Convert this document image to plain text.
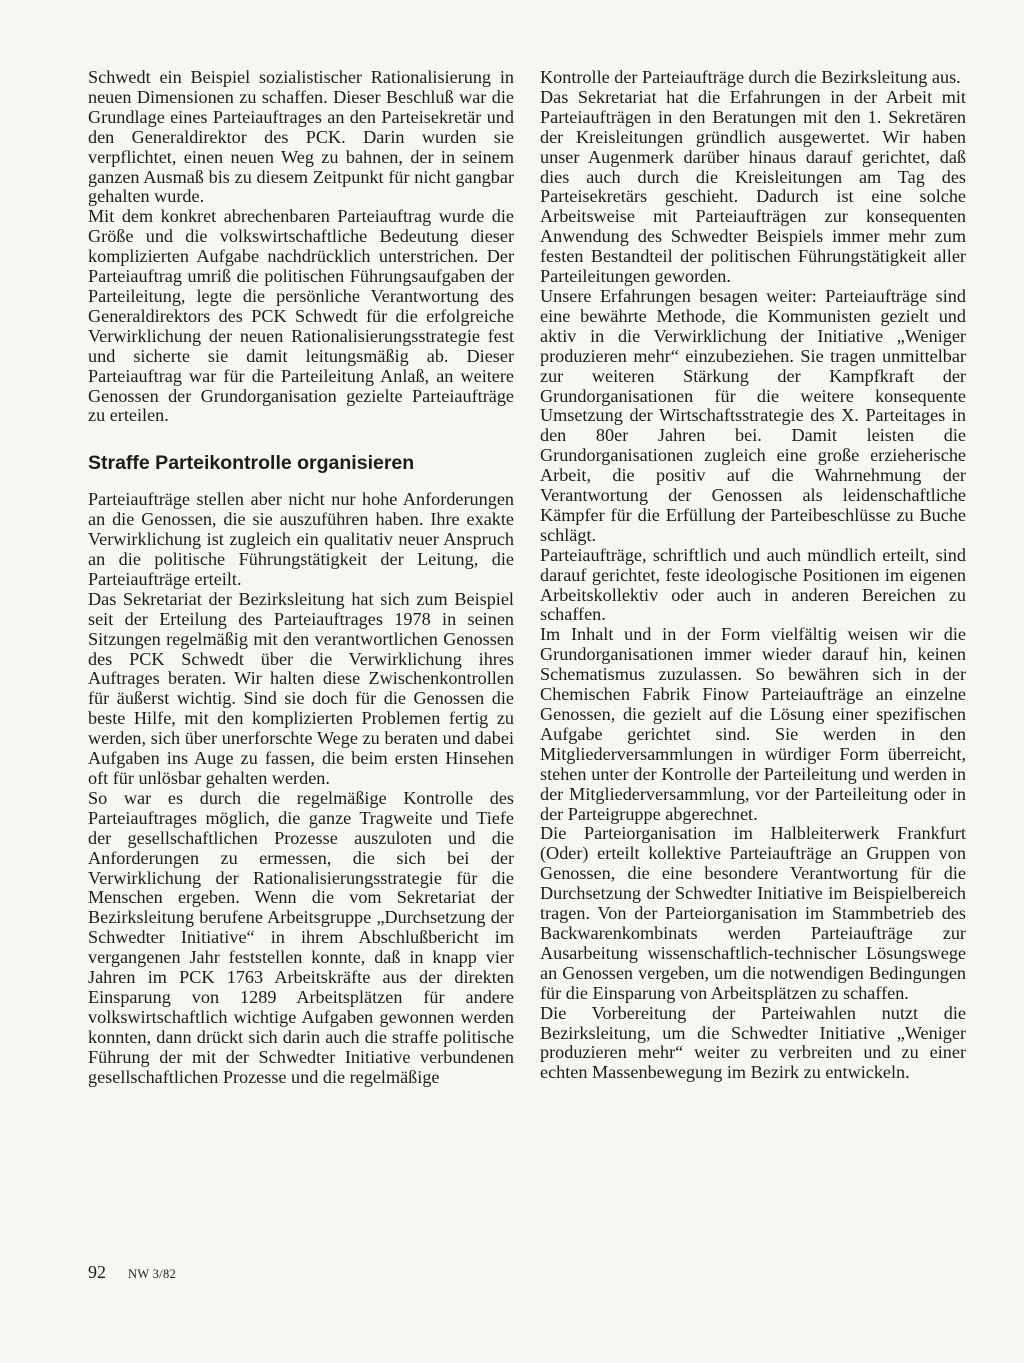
Schwedt ein Beispiel sozialistischer Rationalisierung in neuen Dimensionen zu schaffen. Dieser Beschluß war die Grundlage eines Parteiauftrages an den Parteisekretär und den Generaldirektor des PCK. Darin wurden sie verpflichtet, einen neuen Weg zu bahnen, der in seinem ganzen Ausmaß bis zu diesem Zeitpunkt für nicht gangbar gehalten wurde.

Mit dem konkret abrechenbaren Parteiauftrag wurde die Größe und die volkswirtschaftliche Bedeutung dieser komplizierten Aufgabe nachdrücklich unterstrichen. Der Parteiauftrag umriß die politischen Führungsaufgaben der Parteileitung, legte die persönliche Verantwortung des Generaldirektors des PCK Schwedt für die erfolgreiche Verwirklichung der neuen Rationalisierungsstrategie fest und sicherte sie damit leitungsmäßig ab. Dieser Parteiauftrag war für die Parteileitung Anlaß, an weitere Genossen der Grundorganisation gezielte Parteiaufträge zu erteilen.

Straffe Parteikontrolle organisieren

Parteiaufträge stellen aber nicht nur hohe Anforderungen an die Genossen, die sie auszuführen haben. Ihre exakte Verwirklichung ist zugleich ein qualitativ neuer Anspruch an die politische Führungstätigkeit der Leitung, die Parteiaufträge erteilt.

Das Sekretariat der Bezirksleitung hat sich zum Beispiel seit der Erteilung des Parteiauftrages 1978 in seinen Sitzungen regelmäßig mit den verantwortlichen Genossen des PCK Schwedt über die Verwirklichung ihres Auftrages beraten. Wir halten diese Zwischenkontrollen für äußerst wichtig. Sind sie doch für die Genossen die beste Hilfe, mit den komplizierten Problemen fertig zu werden, sich über unerforschte Wege zu beraten und dabei Aufgaben ins Auge zu fassen, die beim ersten Hinsehen oft für unlösbar gehalten werden.

So war es durch die regelmäßige Kontrolle des Parteiauftrages möglich, die ganze Tragweite und Tiefe der gesellschaftlichen Prozesse auszuloten und die Anforderungen zu ermessen, die sich bei der Verwirklichung der Rationalisierungsstrategie für die Menschen ergeben. Wenn die vom Sekretariat der Bezirksleitung berufene Arbeitsgruppe „Durchsetzung der Schwedter Initiative“ in ihrem Abschlußbericht im vergangenen Jahr feststellen konnte, daß in knapp vier Jahren im PCK 1763 Arbeitskräfte aus der direkten Einsparung von 1289 Arbeitsplätzen für andere volkswirtschaftlich wichtige Aufgaben gewonnen werden konnten, dann drückt sich darin auch die straffe politische Führung der mit der Schwedter Initiative verbundenen gesellschaftlichen Prozesse und die regelmäßige

Kontrolle der Parteiaufträge durch die Bezirksleitung aus.

Das Sekretariat hat die Erfahrungen in der Arbeit mit Parteiaufträgen in den Beratungen mit den 1. Sekretären der Kreisleitungen gründlich ausgewertet. Wir haben unser Augenmerk darüber hinaus darauf gerichtet, daß dies auch durch die Kreisleitungen am Tag des Parteisekretärs geschieht. Dadurch ist eine solche Arbeitsweise mit Parteiaufträgen zur konsequenten Anwendung des Schwedter Beispiels immer mehr zum festen Bestandteil der politischen Führungstätigkeit aller Parteileitungen geworden.

Unsere Erfahrungen besagen weiter: Parteiaufträge sind eine bewährte Methode, die Kommunisten gezielt und aktiv in die Verwirklichung der Initiative „Weniger produzieren mehr“ einzubeziehen. Sie tragen unmittelbar zur weiteren Stärkung der Kampfkraft der Grundorganisationen für die weitere konsequente Umsetzung der Wirtschaftsstrategie des X. Parteitages in den 80er Jahren bei. Damit leisten die Grundorganisationen zugleich eine große erzieherische Arbeit, die positiv auf die Wahrnehmung der Verantwortung der Genossen als leidenschaftliche Kämpfer für die Erfüllung der Parteibeschlüsse zu Buche schlägt.

Parteiaufträge, schriftlich und auch mündlich erteilt, sind darauf gerichtet, feste ideologische Positionen im eigenen Arbeitskollektiv oder auch in anderen Bereichen zu schaffen.

Im Inhalt und in der Form vielfältig weisen wir die Grundorganisationen immer wieder darauf hin, keinen Schematismus zuzulassen. So bewähren sich in der Chemischen Fabrik Finow Parteiaufträge an einzelne Genossen, die gezielt auf die Lösung einer spezifischen Aufgabe gerichtet sind. Sie werden in den Mitgliederversammlungen in würdiger Form überreicht, stehen unter der Kontrolle der Parteileitung und werden in der Mitgliederversammlung, vor der Parteileitung oder in der Parteigruppe abgerechnet.

Die Parteiorganisation im Halbleiterwerk Frankfurt (Oder) erteilt kollektive Parteiaufträge an Gruppen von Genossen, die eine besondere Verantwortung für die Durchsetzung der Schwedter Initiative im Beispielbereich tragen. Von der Parteiorganisation im Stammbetrieb des Backwarenkombinats werden Parteiaufträge zur Ausarbeitung wissenschaftlich-technischer Lösungswege an Genossen vergeben, um die notwendigen Bedingungen für die Einsparung von Arbeitsplätzen zu schaffen.

Die Vorbereitung der Parteiwahlen nutzt die Bezirksleitung, um die Schwedter Initiative „Weniger produzieren mehr“ weiter zu verbreiten und zu einer echten Massenbewegung im Bezirk zu entwickeln.

92 NW 3/82
